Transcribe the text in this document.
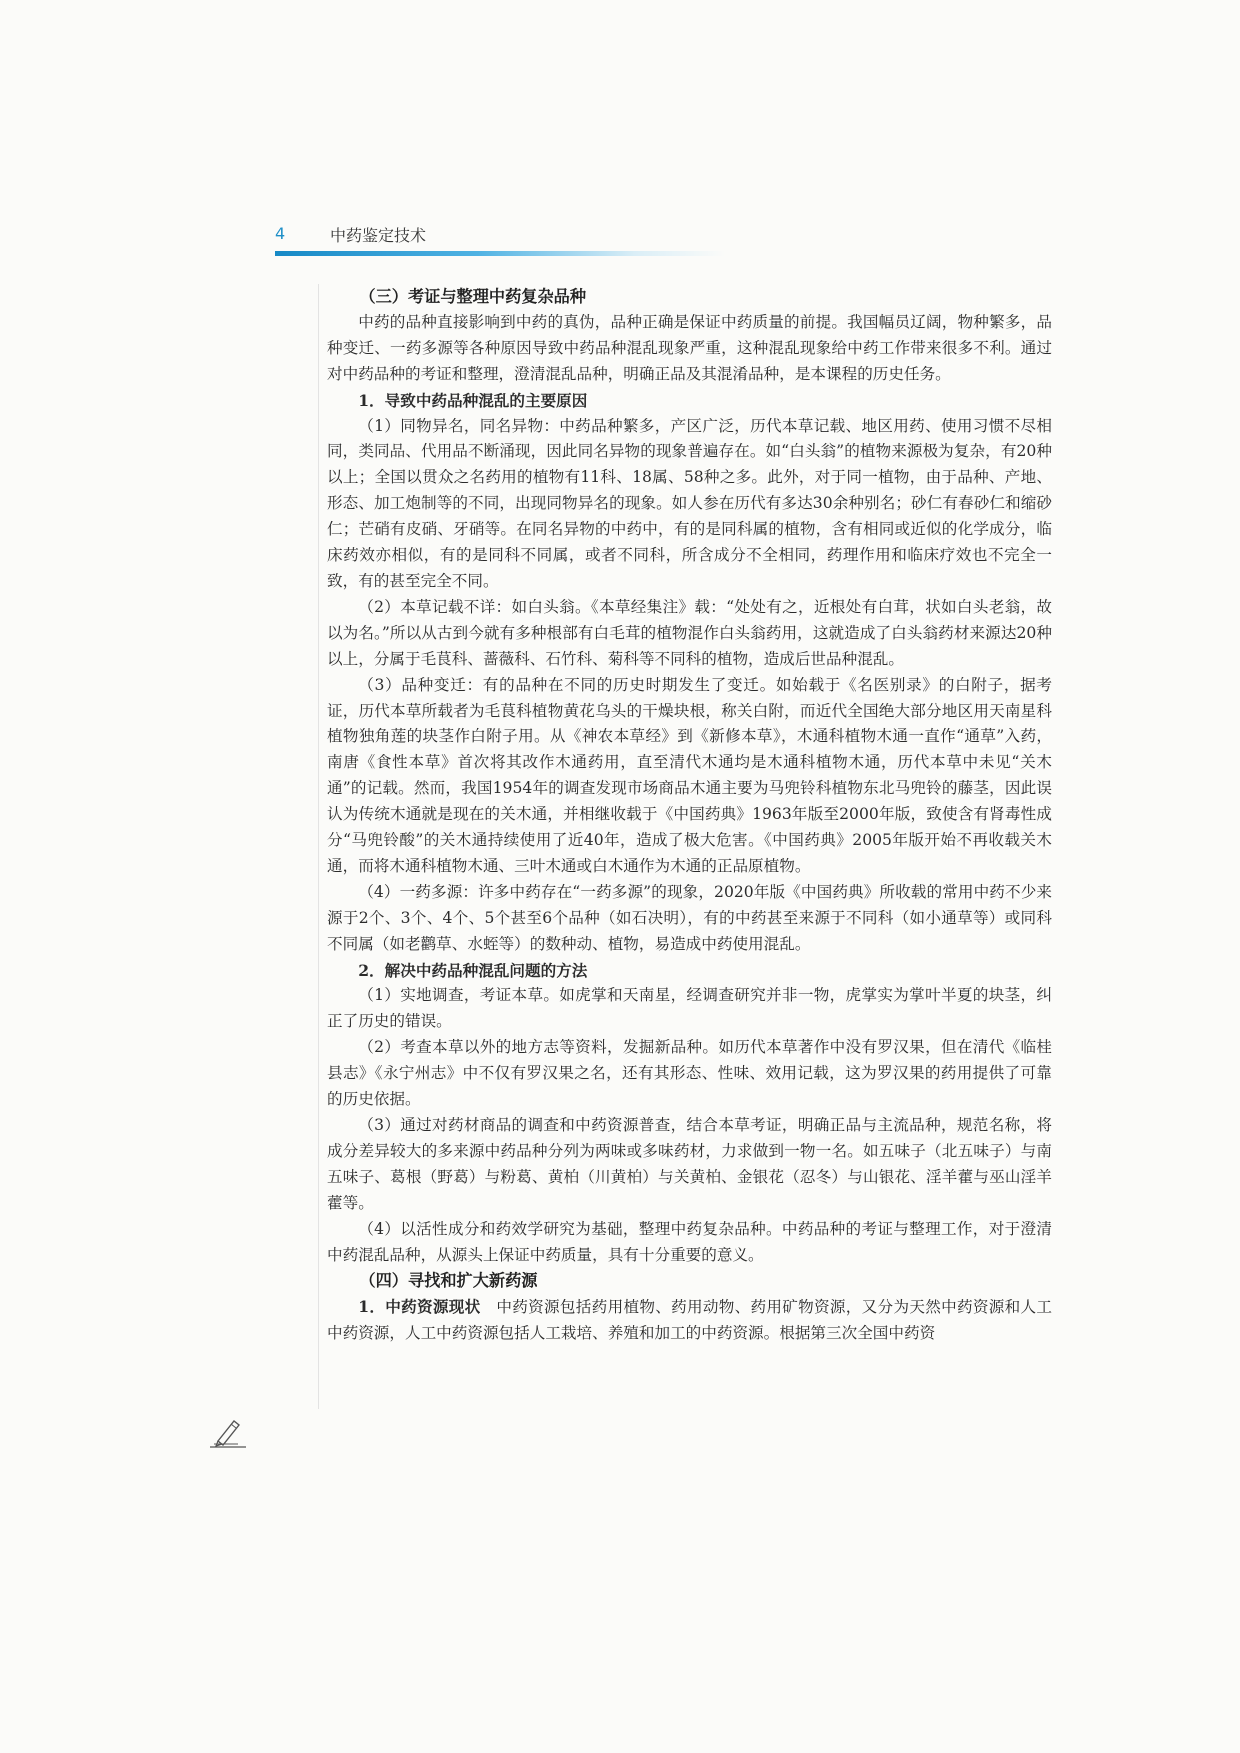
4	中药鉴定技术

（三）考证与整理中药复杂品种

中药的品种直接影响到中药的真伪，品种正确是保证中药质量的前提。我国幅员辽阔，物种繁多，品种变迁、一药多源等各种原因导致中药品种混乱现象严重，这种混乱现象给中药工作带来很多不利。通过对中药品种的考证和整理，澄清混乱品种，明确正品及其混淆品种，是本课程的历史任务。

1．导致中药品种混乱的主要原因

（1）同物异名，同名异物：中药品种繁多，产区广泛，历代本草记载、地区用药、使用习惯不尽相同，类同品、代用品不断涌现，因此同名异物的现象普遍存在。如“白头翁”的植物来源极为复杂，有20种以上；全国以贯众之名药用的植物有11科、18属、58种之多。此外，对于同一植物，由于品种、产地、形态、加工炮制等的不同，出现同物异名的现象。如人参在历代有多达30余种别名；砂仁有春砂仁和缩砂仁；芒硝有皮硝、牙硝等。在同名异物的中药中，有的是同科属的植物，含有相同或近似的化学成分，临床药效亦相似，有的是同科不同属，或者不同科，所含成分不全相同，药理作用和临床疗效也不完全一致，有的甚至完全不同。

（2）本草记载不详：如白头翁。《本草经集注》载：“处处有之，近根处有白茸，状如白头老翁，故以为名。”所以从古到今就有多种根部有白毛茸的植物混作白头翁药用，这就造成了白头翁药材来源达20种以上，分属于毛茛科、蔷薇科、石竹科、菊科等不同科的植物，造成后世品种混乱。

（3）品种变迁：有的品种在不同的历史时期发生了变迁。如始载于《名医别录》的白附子，据考证，历代本草所载者为毛茛科植物黄花乌头的干燥块根，称关白附，而近代全国绝大部分地区用天南星科植物独角莲的块茎作白附子用。从《神农本草经》到《新修本草》，木通科植物木通一直作“通草”入药，南唐《食性本草》首次将其改作木通药用，直至清代木通均是木通科植物木通，历代本草中未见“关木通”的记载。然而，我国1954年的调查发现市场商品木通主要为马兜铃科植物东北马兜铃的藤茎，因此误认为传统木通就是现在的关木通，并相继收载于《中国药典》1963年版至2000年版，致使含有肾毒性成分“马兜铃酸”的关木通持续使用了近40年，造成了极大危害。《中国药典》2005年版开始不再收载关木通，而将木通科植物木通、三叶木通或白木通作为木通的正品原植物。

（4）一药多源：许多中药存在“一药多源”的现象，2020年版《中国药典》所收载的常用中药不少来源于2个、3个、4个、5个甚至6个品种（如石决明），有的中药甚至来源于不同科（如小通草等）或同科不同属（如老鹳草、水蛭等）的数种动、植物，易造成中药使用混乱。

2．解决中药品种混乱问题的方法

（1）实地调查，考证本草。如虎掌和天南星，经调查研究并非一物，虎掌实为掌叶半夏的块茎，纠正了历史的错误。

（2）考查本草以外的地方志等资料，发掘新品种。如历代本草著作中没有罗汉果，但在清代《临桂县志》《永宁州志》中不仅有罗汉果之名，还有其形态、性味、效用记载，这为罗汉果的药用提供了可靠的历史依据。

（3）通过对药材商品的调查和中药资源普查，结合本草考证，明确正品与主流品种，规范名称，将成分差异较大的多来源中药品种分列为两味或多味药材，力求做到一物一名。如五味子（北五味子）与南五味子、葛根（野葛）与粉葛、黄柏（川黄柏）与关黄柏、金银花（忍冬）与山银花、淫羊藿与巫山淫羊藿等。

（4）以活性成分和药效学研究为基础，整理中药复杂品种。中药品种的考证与整理工作，对于澄清中药混乱品种，从源头上保证中药质量，具有十分重要的意义。

（四）寻找和扩大新药源

1．中药资源现状　 中药资源包括药用植物、药用动物、药用矿物资源，又分为天然中药资源和人工中药资源，人工中药资源包括人工栽培、养殖和加工的中药资源。根据第三次全国中药资
